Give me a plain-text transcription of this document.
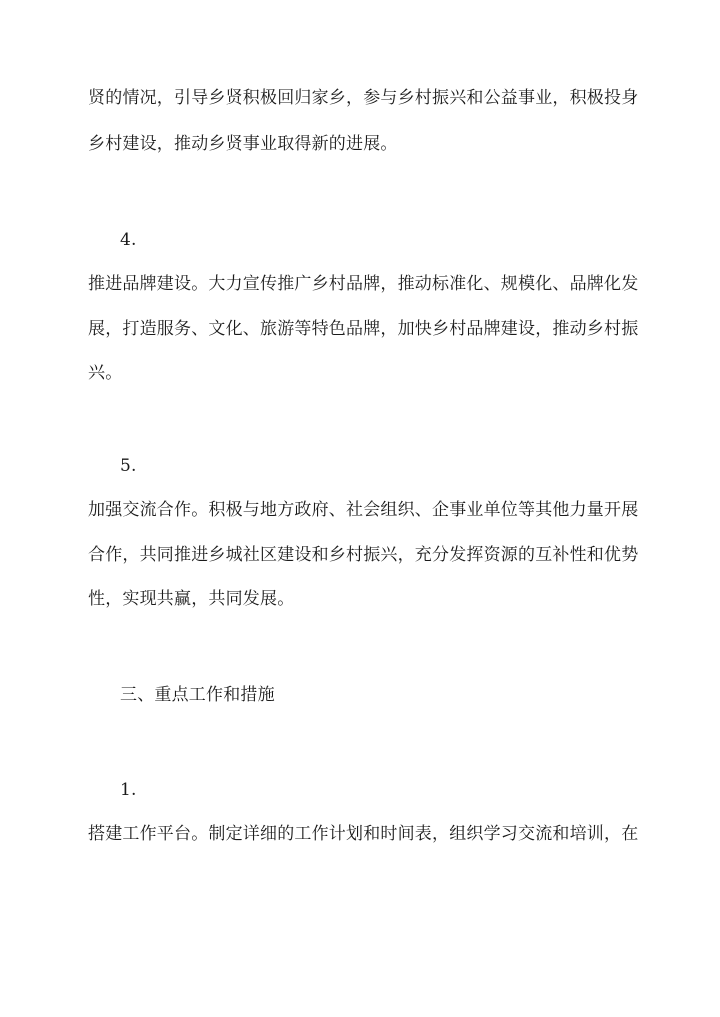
贤的情况，引导乡贤积极回归家乡，参与乡村振兴和公益事业，积极投身
乡村建设，推动乡贤事业取得新的进展。
4.
推进品牌建设。大力宣传推广乡村品牌，推动标准化、规模化、品牌化发
展，打造服务、文化、旅游等特色品牌，加快乡村品牌建设，推动乡村振
兴。
5.
加强交流合作。积极与地方政府、社会组织、企事业单位等其他力量开展
合作，共同推进乡城社区建设和乡村振兴，充分发挥资源的互补性和优势
性，实现共赢，共同发展。
三、重点工作和措施
1.
搭建工作平台。制定详细的工作计划和时间表，组织学习交流和培训，在
